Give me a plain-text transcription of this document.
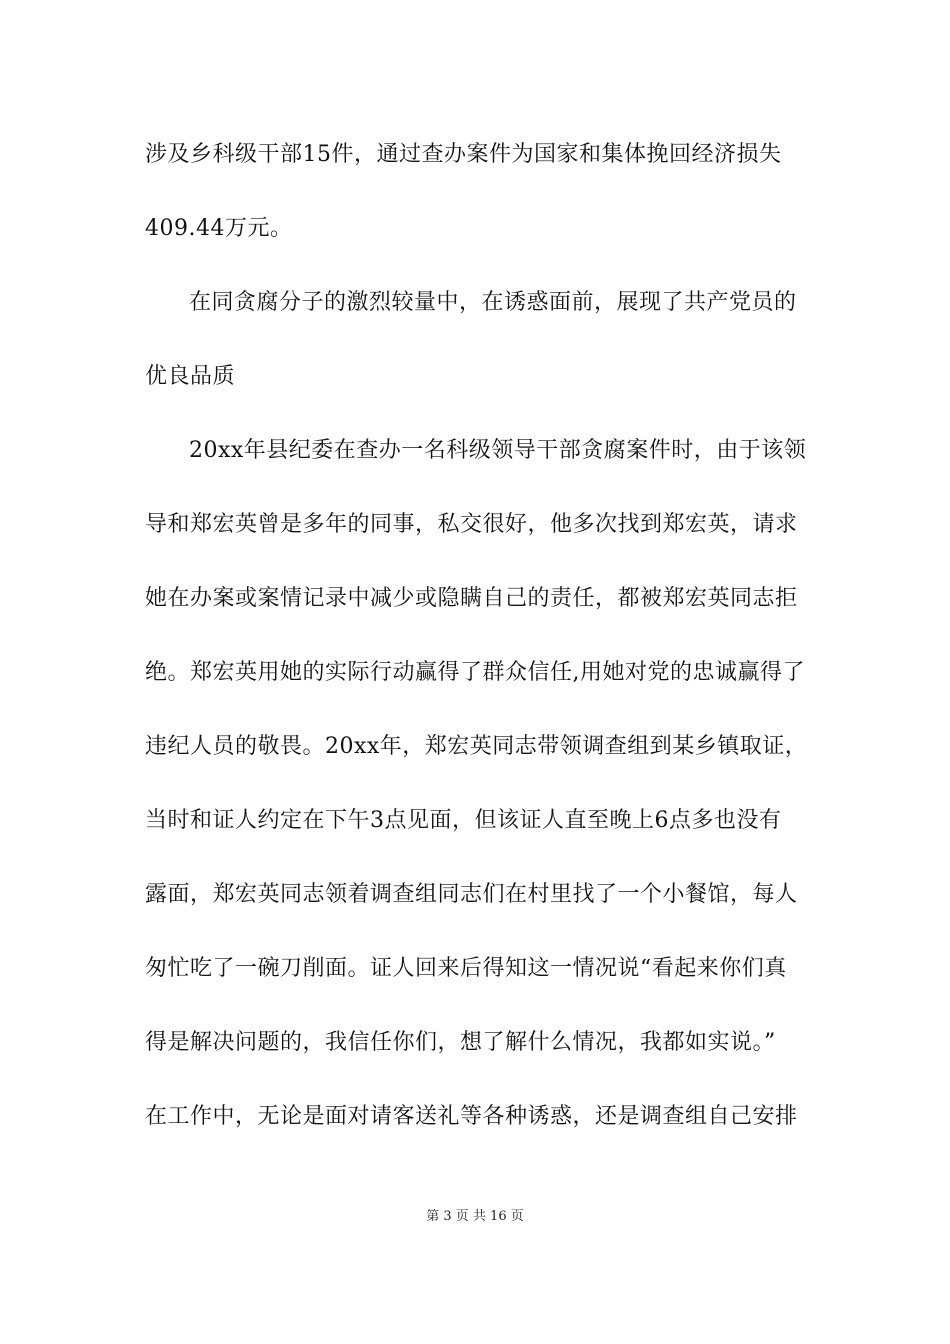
涉及乡科级干部15件，通过查办案件为国家和集体挽回经济损失
409.44万元。
在同贪腐分子的激烈较量中，在诱惑面前，展现了共产党员的
优良品质
20xx年县纪委在查办一名科级领导干部贪腐案件时，由于该领
导和郑宏英曾是多年的同事，私交很好，他多次找到郑宏英，请求
她在办案或案情记录中减少或隐瞒自己的责任，都被郑宏英同志拒
绝。郑宏英用她的实际行动赢得了群众信任,用她对党的忠诚赢得了
违纪人员的敬畏。20xx年，郑宏英同志带领调查组到某乡镇取证，
当时和证人约定在下午3点见面，但该证人直至晚上6点多也没有
露面，郑宏英同志领着调查组同志们在村里找了一个小餐馆，每人
匆忙吃了一碗刀削面。证人回来后得知这一情况说“看起来你们真
得是解决问题的，我信任你们，想了解什么情况，我都如实说。”
在工作中，无论是面对请客送礼等各种诱惑，还是调查组自己安排
第 3 页 共 16 页
